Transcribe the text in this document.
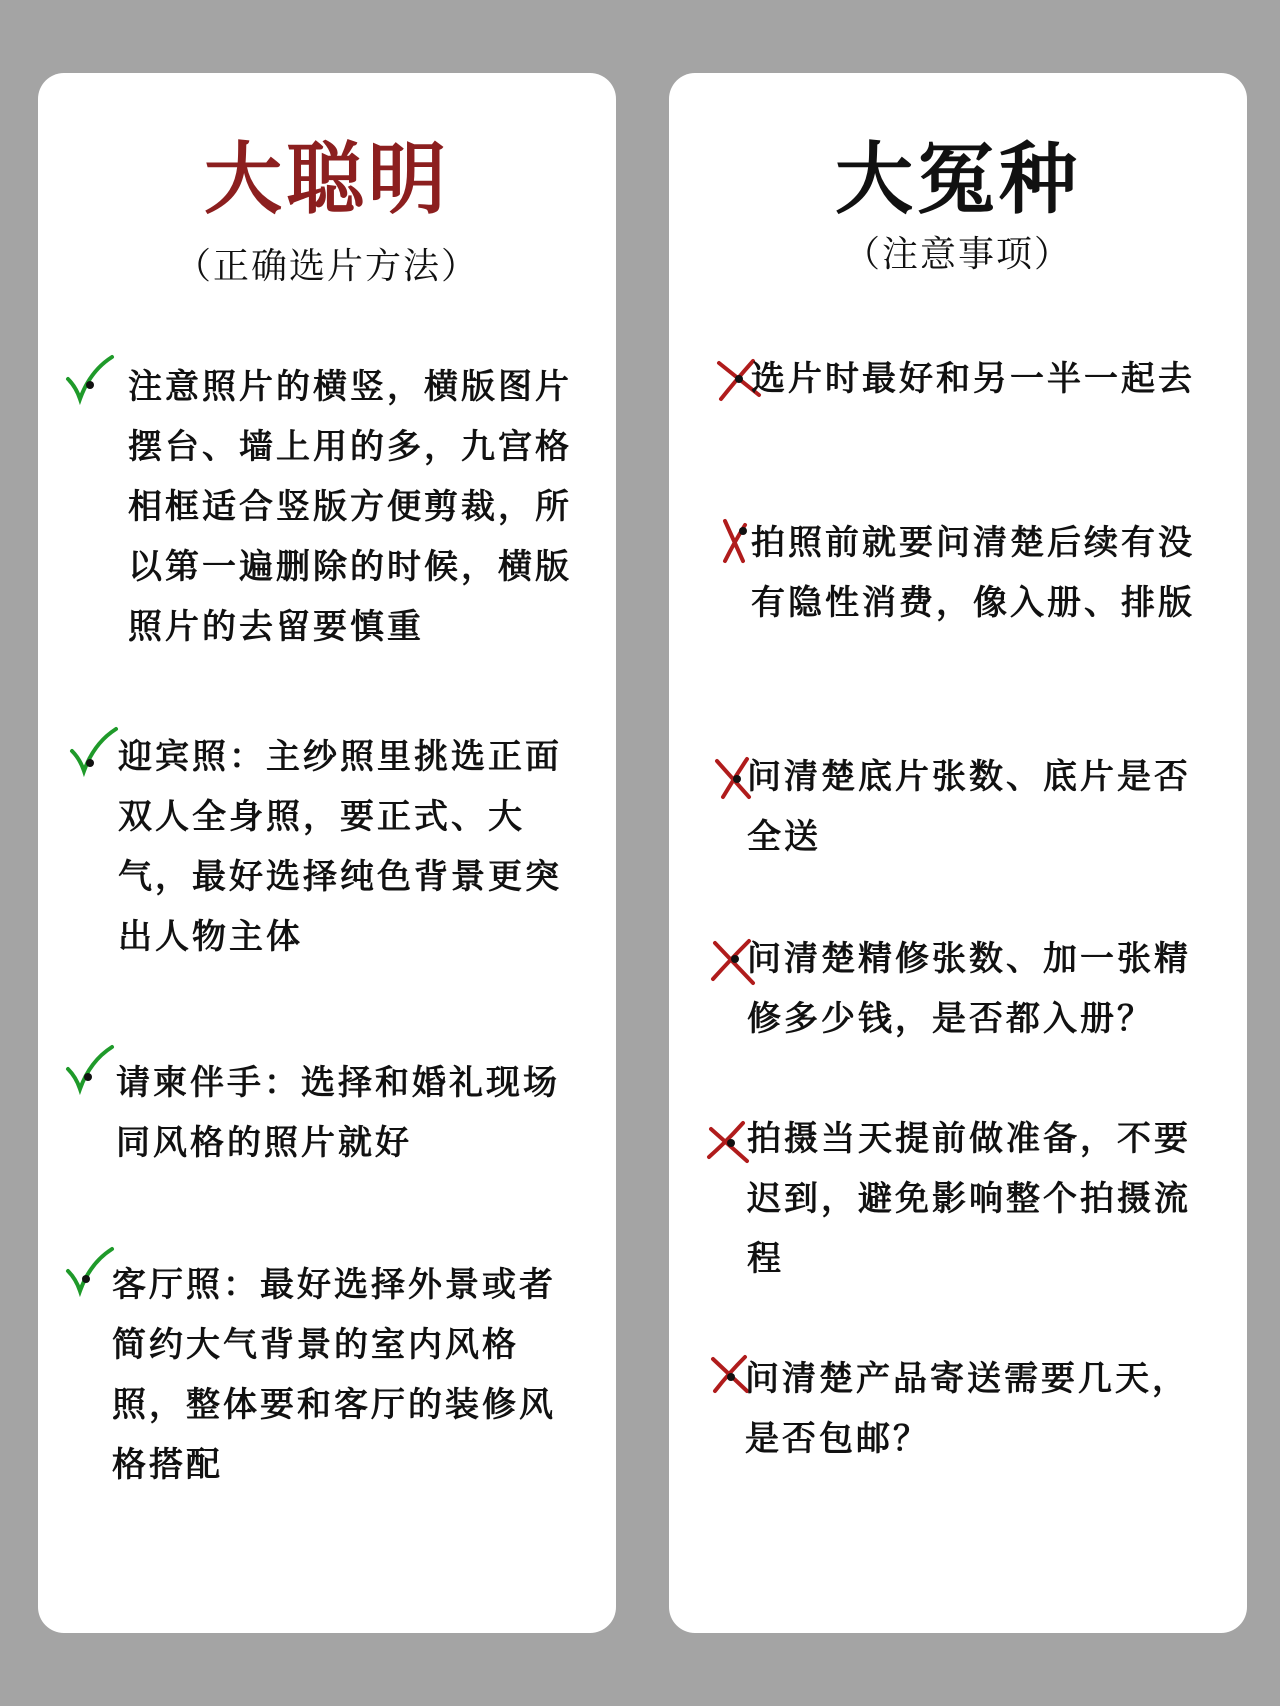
大聪明
（正确选片方法）

注意照片的横竖，横版图片摆台、墙上用的多，九宫格相框适合竖版方便剪裁，所以第一遍删除的时候，横版照片的去留要慎重

迎宾照：主纱照里挑选正面双人全身照，要正式、大气，最好选择纯色背景更突出人物主体

请柬伴手：选择和婚礼现场同风格的照片就好

客厅照：最好选择外景或者简约大气背景的室内风格照，整体要和客厅的装修风格搭配

大冤种
（注意事项）

选片时最好和另一半一起去

拍照前就要问清楚后续有没有隐性消费，像入册、排版

问清楚底片张数、底片是否全送

问清楚精修张数、加一张精修多少钱，是否都入册？

拍摄当天提前做准备，不要迟到，避免影响整个拍摄流程

问清楚产品寄送需要几天，是否包邮？
